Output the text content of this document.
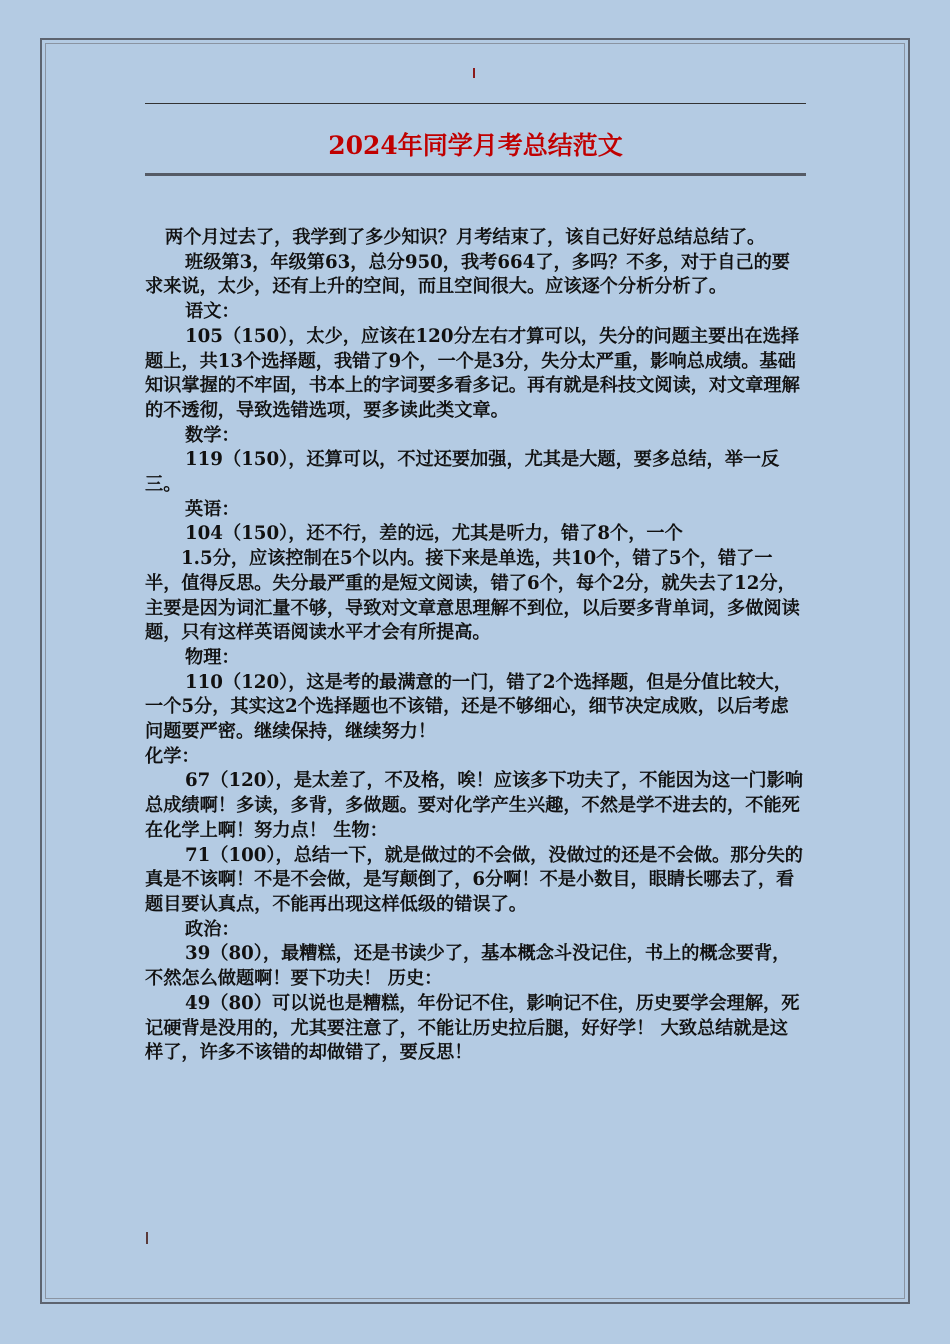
2024年同学月考总结范文

两个月过去了，我学到了多少知识？月考结束了，该自己好好总结总结了。

班级第3，年级第63，总分950，我考664了，多吗？不多，对于自己的要求来说，太少，还有上升的空间，而且空间很大。应该逐个分析分析了。

语文：

105（150），太少，应该在120分左右才算可以，失分的问题主要出在选择题上，共13个选择题，我错了9个，一个是3分，失分太严重，影响总成绩。基础知识掌握的不牢固，书本上的字词要多看多记。再有就是科技文阅读，对文章理解的不透彻，导致选错选项，要多读此类文章。

数学：

119（150），还算可以，不过还要加强，尤其是大题，要多总结，举一反三。

英语：

104（150），还不行，差的远，尤其是听力，错了8个，一个

1.5分，应该控制在5个以内。接下来是单选，共10个，错了5个，错了一半，值得反思。失分最严重的是短文阅读，错了6个，每个2分，就失去了12分，主要是因为词汇量不够，导致对文章意思理解不到位，以后要多背单词，多做阅读题，只有这样英语阅读水平才会有所提高。

物理：

110（120），这是考的最满意的一门，错了2个选择题，但是分值比较大，一个5分，其实这2个选择题也不该错，还是不够细心，细节决定成败，以后考虑问题要严密。继续保持，继续努力！

化学：

67（120），是太差了，不及格，唉！应该多下功夫了，不能因为这一门影响总成绩啊！多读，多背，多做题。要对化学产生兴趣，不然是学不进去的，不能死在化学上啊！努力点！ 生物：

71（100），总结一下，就是做过的不会做，没做过的还是不会做。那分失的真是不该啊！不是不会做，是写颠倒了，6分啊！不是小数目，眼睛长哪去了，看题目要认真点，不能再出现这样低级的错误了。

政治：

39（80），最糟糕，还是书读少了，基本概念斗没记住，书上的概念要背，不然怎么做题啊！要下功夫！ 历史：

49（80）可以说也是糟糕，年份记不住，影响记不住，历史要学会理解，死记硬背是没用的，尤其要注意了，不能让历史拉后腿，好好学！ 大致总结就是这样了，许多不该错的却做错了，要反思！
